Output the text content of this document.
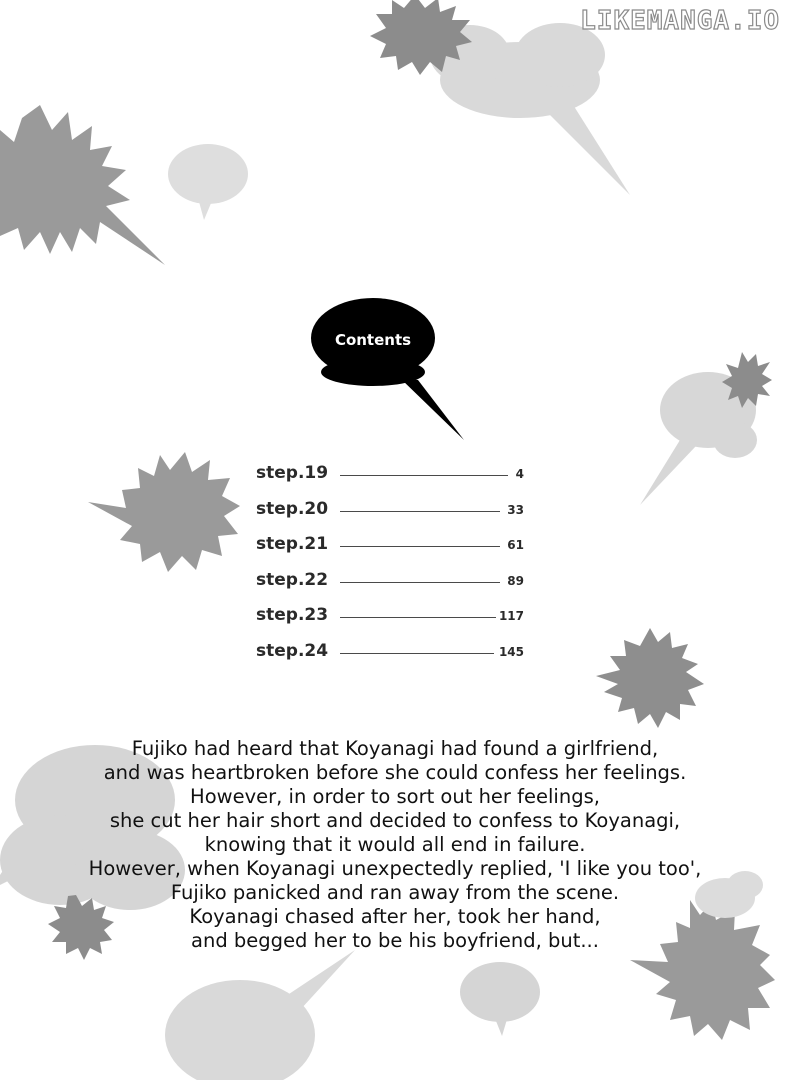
LIKEMANGA.IO
Contents
step.19	4
step.20	33
step.21	61
step.22	89
step.23	117
step.24	145
Fujiko had heard that Koyanagi had found a girlfriend,
and was heartbroken before she could confess her feelings.
However, in order to sort out her feelings,
she cut her hair short and decided to confess to Koyanagi,
knowing that it would all end in failure.
However, when Koyanagi unexpectedly replied, 'I like you too',
Fujiko panicked and ran away from the scene.
Koyanagi chased after her, took her hand,
and begged her to be his boyfriend, but...
